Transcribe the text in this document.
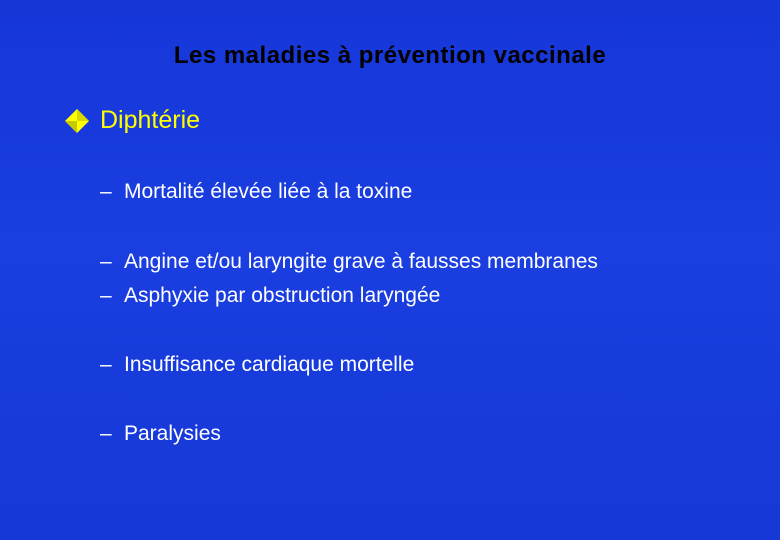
Les maladies à prévention vaccinale
Diphtérie
– Mortalité élevée liée à la toxine
– Angine et/ou laryngite grave à fausses membranes
– Asphyxie par obstruction laryngée
– Insuffisance cardiaque mortelle
– Paralysies
